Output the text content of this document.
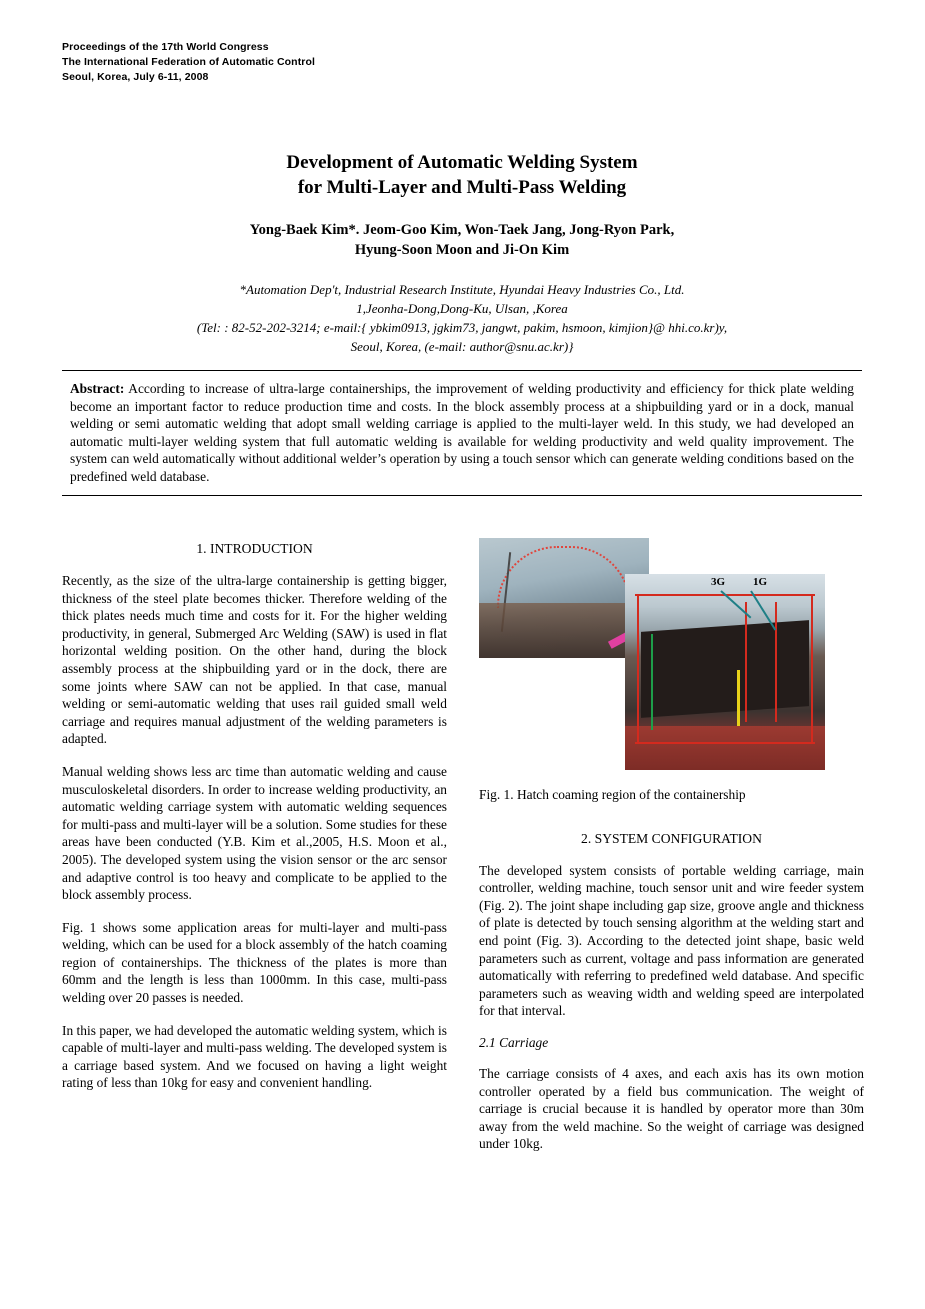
Proceedings of the 17th World Congress
The International Federation of Automatic Control
Seoul, Korea, July 6-11, 2008
Development of Automatic Welding System
for Multi-Layer and Multi-Pass Welding
Yong-Baek Kim*. Jeom-Goo Kim, Won-Taek Jang, Jong-Ryon Park,
Hyung-Soon Moon and Ji-On Kim
*Automation Dep't, Industrial Research Institute, Hyundai Heavy Industries Co., Ltd.
1,Jeonha-Dong,Dong-Ku, Ulsan, ,Korea
(Tel: : 82-52-202-3214; e-mail:{ ybkim0913, jgkim73, jangwt, pakim, hsmoon, kimjion}@ hhi.co.kr)y,
Seoul, Korea, (e-mail: author@snu.ac.kr)}
Abstract: According to increase of ultra-large containerships, the improvement of welding productivity and efficiency for thick plate welding become an important factor to reduce production time and costs. In the block assembly process at a shipbuilding yard or in a dock, manual welding or semi automatic welding that adopt small welding carriage is applied to the multi-layer weld. In this study, we had developed an automatic multi-layer welding system that full automatic welding is available for welding productivity and weld quality improvement. The system can weld automatically without additional welder’s operation by using a touch sensor which can generate welding conditions based on the predefined weld database.
1. INTRODUCTION

Recently, as the size of the ultra-large containership is getting bigger, thickness of the steel plate becomes thicker. Therefore welding of the thick plates needs much time and costs for it. For the higher welding productivity, in general, Submerged Arc Welding (SAW) is used in flat horizontal welding position. On the other hand, during the block assembly process at the shipbuilding yard or in the dock, there are some joints where SAW can not be applied. In that case, manual welding or semi-automatic welding that uses rail guided small weld carriage and requires manual adjustment of the welding parameters is adapted.

Manual welding shows less arc time than automatic welding and cause musculoskeletal disorders. In order to increase welding productivity, an automatic welding carriage system with automatic welding sequences for multi-pass and multi-layer will be a solution. Some studies for these areas have been conducted (Y.B. Kim et al.,2005, H.S. Moon et al., 2005). The developed system using the vision sensor or the arc sensor and adaptive control is too heavy and complicate to be applied to the block assembly process.

Fig. 1 shows some application areas for multi-layer and multi-pass welding, which can be used for a block assembly of the hatch coaming region of containerships. The thickness of the plates is more than 60mm and the length is less than 1000mm. In this case, multi-pass welding over 20 passes is needed.

In this paper, we had developed the automatic welding system, which is capable of multi-layer and multi-pass welding. The developed system is a carriage based system. And we focused on having a light weight rating of less than 10kg for easy and convenient handling.

3G	1G
Fig. 1. Hatch coaming region of the containership
2. SYSTEM CONFIGURATION

The developed system consists of portable welding carriage, main controller, welding machine, touch sensor unit and wire feeder system (Fig. 2). The joint shape including gap size, groove angle and thickness of plate is detected by touch sensing algorithm at the welding start and end point (Fig. 3). According to the detected joint shape, basic weld parameters such as current, voltage and pass information are generated automatically with referring to predefined weld database. And specific parameters such as weaving width and welding speed are interpolated for that interval.

2.1 Carriage

The carriage consists of 4 axes, and each axis has its own motion controller operated by a field bus communication. The weight of carriage is crucial because it is handled by operator more than 30m away from the weld machine. So the weight of carriage was designed under 10kg.
